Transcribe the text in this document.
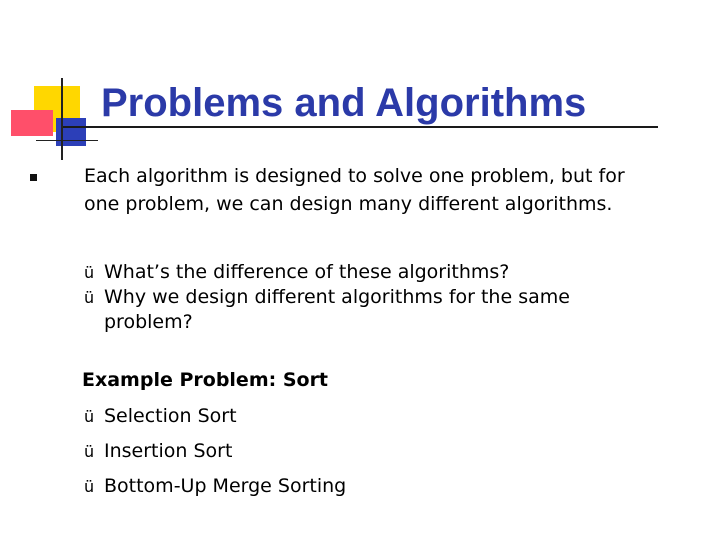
Problems and Algorithms

Each algorithm is designed to solve one problem, but for one problem, we can design many different algorithms.

ü What’s the difference of these algorithms?
ü Why we design different algorithms for the same problem?

Example Problem: Sort

ü Selection Sort
ü Insertion Sort
ü Bottom-Up Merge Sorting
